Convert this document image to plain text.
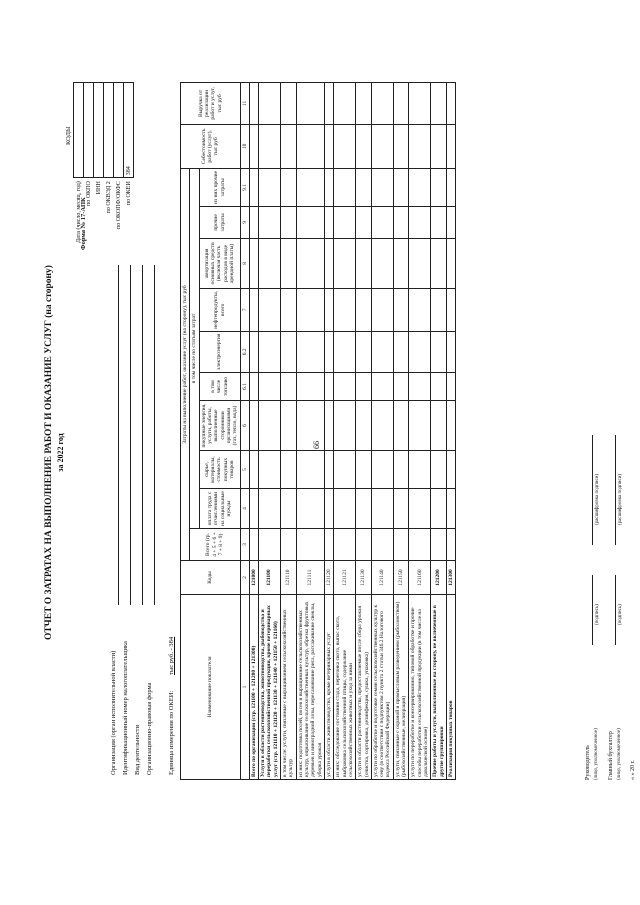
66
ОТЧЕТ О ЗАТРАТАХ НА ВЫПОЛНЕНИЕ РАБОТ И ОКАЗАНИЕ УСЛУГ (на сторону) за 2022 год
Форма № 17-АПК
КОДЫ
Дата (число, месяц, год)	
по ОКПО	
ИНН	
по ОКВЭД 2	
по ОКОПФ/ОКФС	
по ОКЕИ	384
Организация (орган исполнительной власти) Идентификационный номер налогоплательщика Вид деятельности Организационно-правовая форма Единица измерения по ОКЕИ:
тыс руб. - 384
Наименование показателя	Коды	Затраты на выполнение работ, оказание услуг (на сторону), тыс руб										Себестоимость работ (услуг), тыс руб	Выручка от реализации работ и услуг, тыс руб
		Всего (гр. 4 + 5 + 6 + 7 + 8 + 9)	в том числе по статьям затрат										
			оплата труда с отчислениями на социальные нужды	сырье, материалы, стоимость покупных товаров	покупные энергия, услуги, работы, выполненные сторонними организациями (газ, тепло, вода)	в том числе топливо	электроэнергия	нефтепродукты, всего	амортизация основных средств (включая часть расходов в виде арендной платы)	прочие затраты	из них прочие затраты		
1	2	3	4	5	6	6.1	6.2	7	8	9	9.1	10	11
Всего по организации (стр. 121100 + 121200 + 121300)	121000												
Услуги в области растениеводства, животноводства, рыбоводства и переработки сельскохозяйственной продукции, кроме ветеринарных услуг (стр. 121110 + 121120 + 121130 + 121140 + 121150 + 121160)	121100												
в том числе: услуги, связанные с выращиванием сельскохозяйственных культур	121110												
из них: подготовка полей, посев и выращивание сельскохозяйственных культур, опрыскивание сельскохозяйственных культур, обрезка фруктовых деревьев и виноградной лозы, пересаживание риса, рассаживание свеклы, уборка урожая	121111												
услуги в области животноводства, кроме ветеринарных услуг	121120												
из них: обследование состояния стада, перегонка скота, выпас скота, выбраковка сельскохозяйственной птицы, содержание сельскохозяйственных животных и уход за ними	121121												
услуги в области растениеводства, предоставляемые после сбора урожая (очистка, сортировка, дезинфекция, сушка, упаковка)	121130												
услуги по обработке и подготовке семян сельскохозяйственных культур к севу (в соответствии с подпунктом 2 пункта 2 статьи 346.2 Налогового кодекса Российской Федерации)	121140												
услуги, связанные с охраной и промысловым разведением (рыболовством) (рыбохозяйственные, мелиорация)	121150												
услуги по переработке и консервированию, типовой обработке и прочие способы переработки сельскохозяйственной продукции (в том числе на давальческой основе)	121160												
Прочие работы и услуги, выполненные на сторону, не включенные в другие группировки	121200												
Реализация покупных товаров	121300												
Руководитель (лицо, уполномоченное)
(подпись)
(расшифровка подписи)
Главный бухгалтер (лицо, уполномоченное)
(подпись)
(расшифровка подписи)
« » 20 г.
